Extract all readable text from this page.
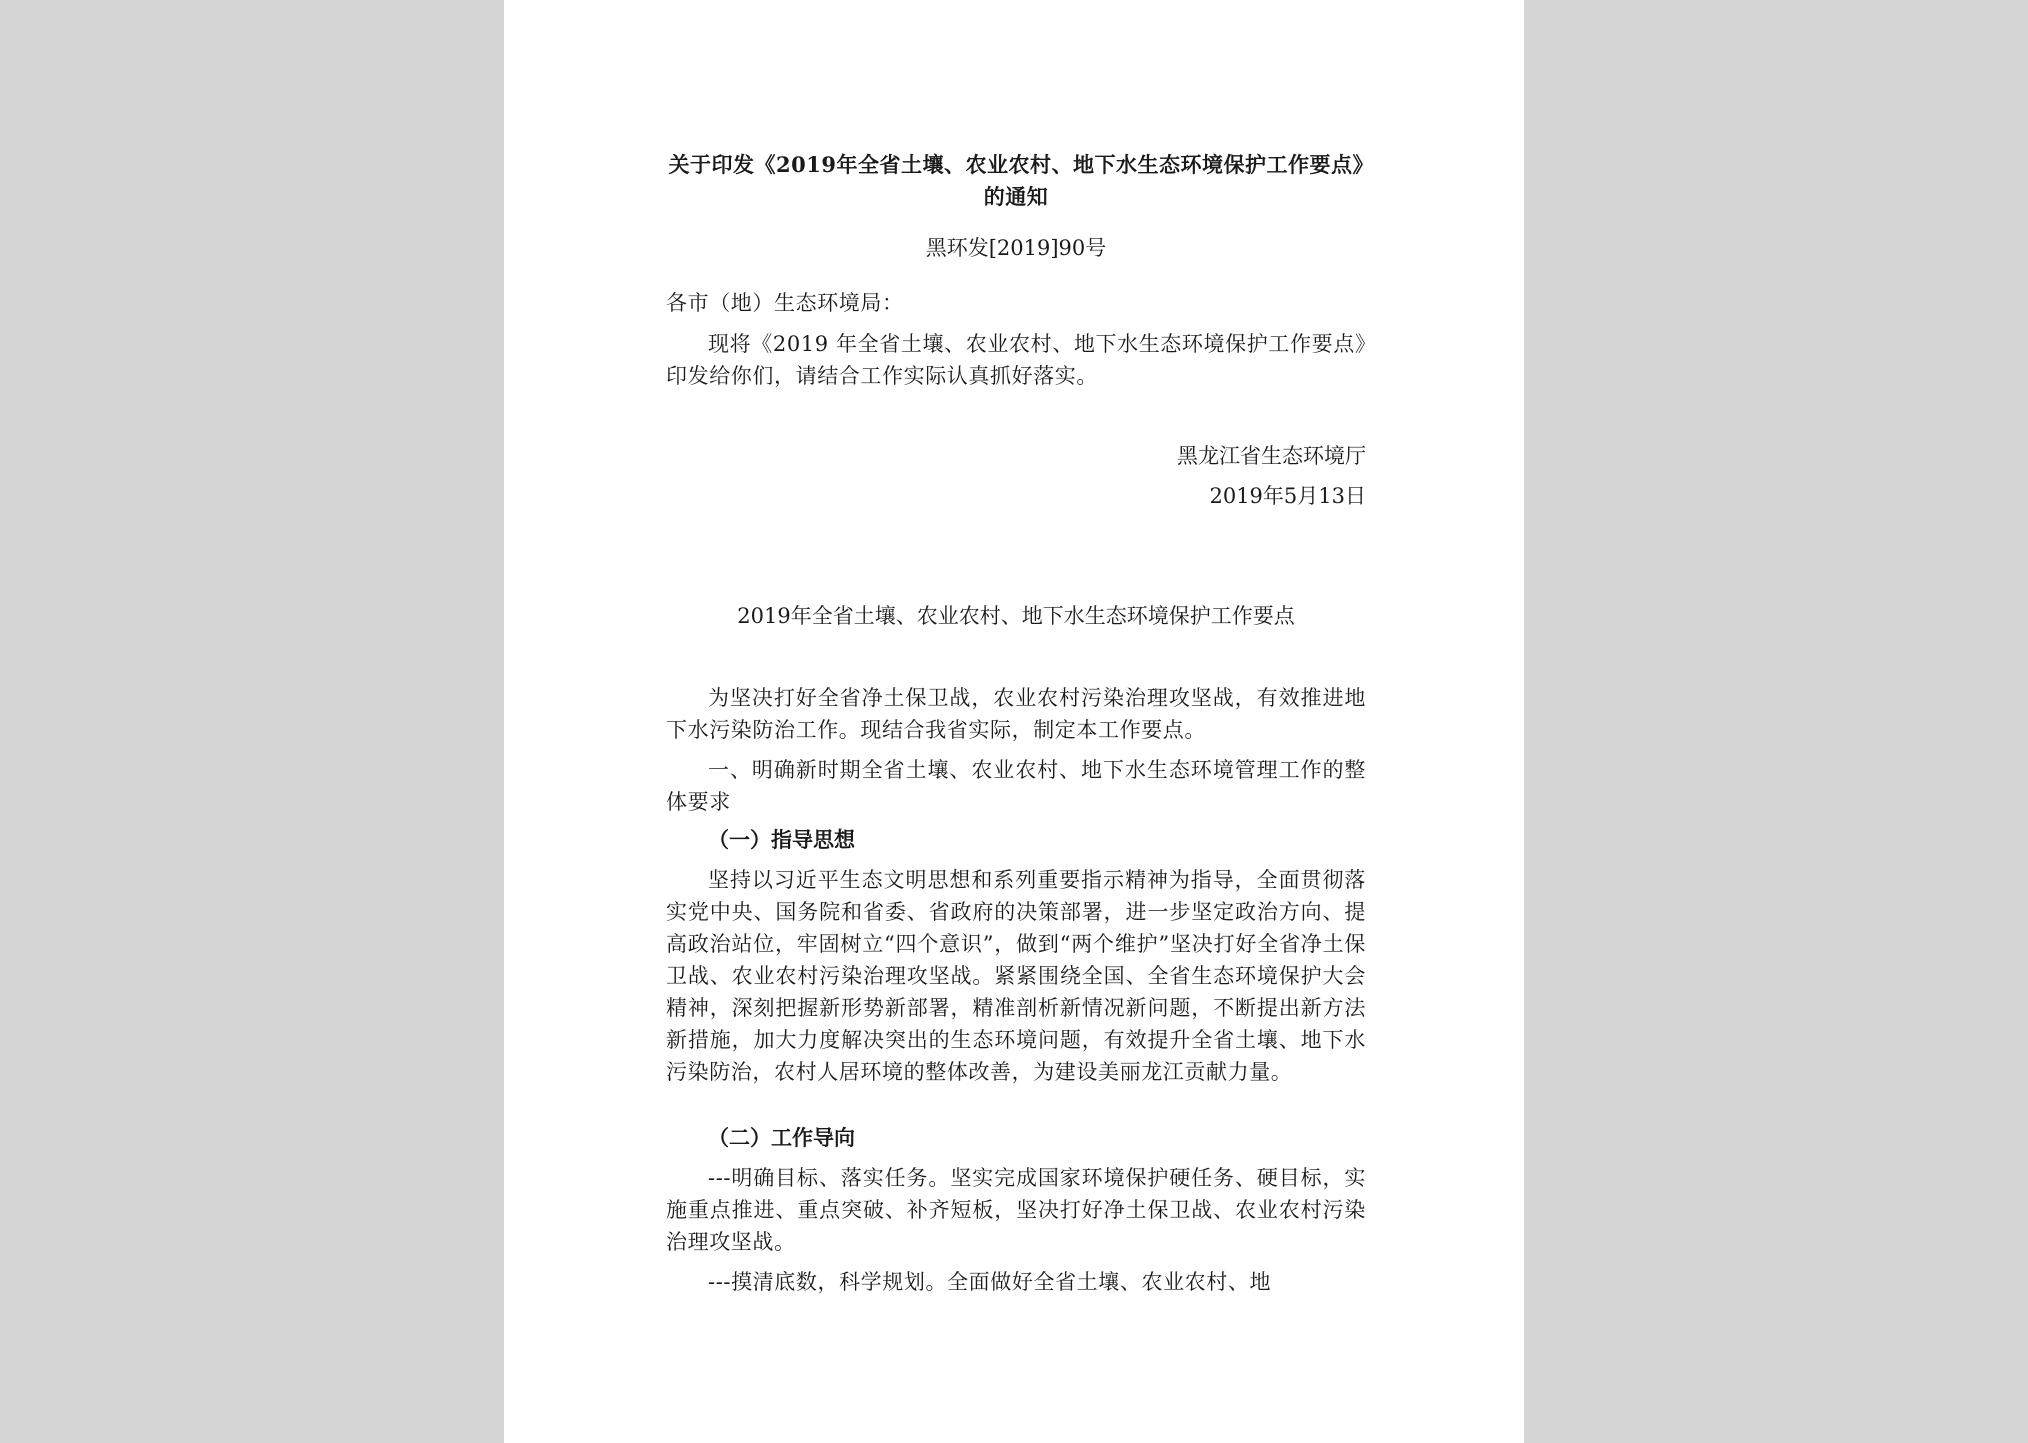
关于印发《2019年全省土壤、农业农村、地下水生态环境保护工作要点》的通知

黑环发[2019]90号

各市（地）生态环境局：

现将《2019 年全省土壤、农业农村、地下水生态环境保护工作要点》印发给你们，请结合工作实际认真抓好落实。

黑龙江省生态环境厅

2019年5月13日

2019年全省土壤、农业农村、地下水生态环境保护工作要点

为坚决打好全省净土保卫战，农业农村污染治理攻坚战，有效推进地下水污染防治工作。现结合我省实际，制定本工作要点。

一、明确新时期全省土壤、农业农村、地下水生态环境管理工作的整体要求

（一）指导思想

坚持以习近平生态文明思想和系列重要指示精神为指导，全面贯彻落实党中央、国务院和省委、省政府的决策部署，进一步坚定政治方向、提高政治站位，牢固树立“四个意识”，做到“两个维护”坚决打好全省净土保卫战、农业农村污染治理攻坚战。紧紧围绕全国、全省生态环境保护大会精神，深刻把握新形势新部署，精准剖析新情况新问题，不断提出新方法新措施，加大力度解决突出的生态环境问题，有效提升全省土壤、地下水污染防治，农村人居环境的整体改善，为建设美丽龙江贡献力量。

（二）工作导向

---明确目标、落实任务。坚实完成国家环境保护硬任务、硬目标，实施重点推进、重点突破、补齐短板，坚决打好净土保卫战、农业农村污染治理攻坚战。

---摸清底数，科学规划。全面做好全省土壤、农业农村、地
